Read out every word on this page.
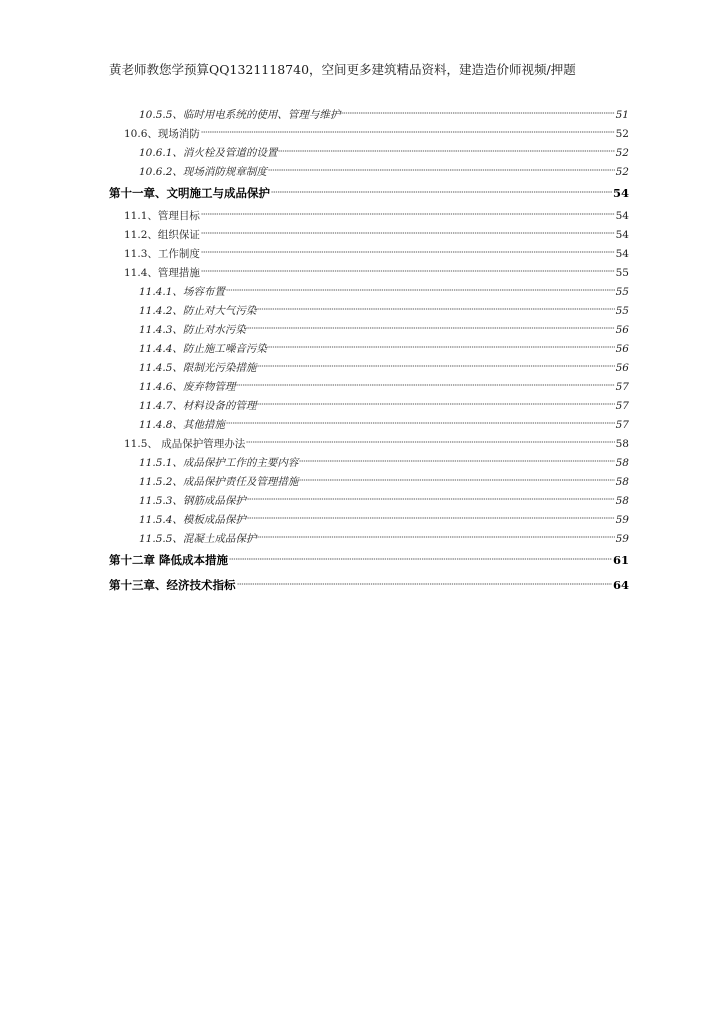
黄老师教您学预算QQ1321118740，空间更多建筑精品资料，建造造价师视频/押题
10.5.5、临时用电系统的使用、管理与维护	51
10.6、现场消防	52
10.6.1、消火栓及管道的设置	52
10.6.2、现场消防规章制度	52
第十一章、文明施工与成品保护	54
11.1、管理目标	54
11.2、组织保证	54
11.3、工作制度	54
11.4、管理措施	55
11.4.1、场容布置	55
11.4.2、防止对大气污染	55
11.4.3、防止对水污染	56
11.4.4、防止施工噪音污染	56
11.4.5、限制光污染措施	56
11.4.6、废弃物管理	57
11.4.7、材料设备的管理	57
11.4.8、其他措施	57
11.5、 成品保护管理办法	58
11.5.1、成品保护工作的主要内容	58
11.5.2、成品保护责任及管理措施	58
11.5.3、钢筋成品保护	58
11.5.4、模板成品保护	59
11.5.5、混凝土成品保护	59
第十二章 降低成本措施	61
第十三章、经济技术指标	64
